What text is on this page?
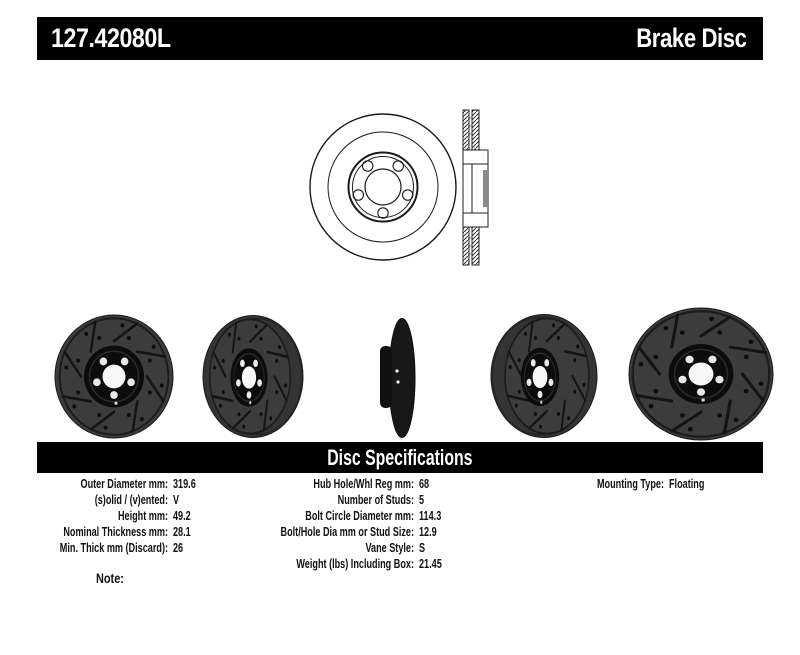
127.42080L	Brake Disc
Disc Specifications
Outer Diameter mm: 319.6
(s)olid / (v)ented: V
Height mm: 49.2
Nominal Thickness mm: 28.1
Min. Thick mm (Discard): 26
Hub Hole/Whl Reg mm: 68
Number of Studs: 5
Bolt Circle Diameter mm: 114.3
Bolt/Hole Dia mm or Stud Size: 12.9
Vane Style: S
Weight (lbs) Including Box: 21.45
Mounting Type: Floating
Note:
